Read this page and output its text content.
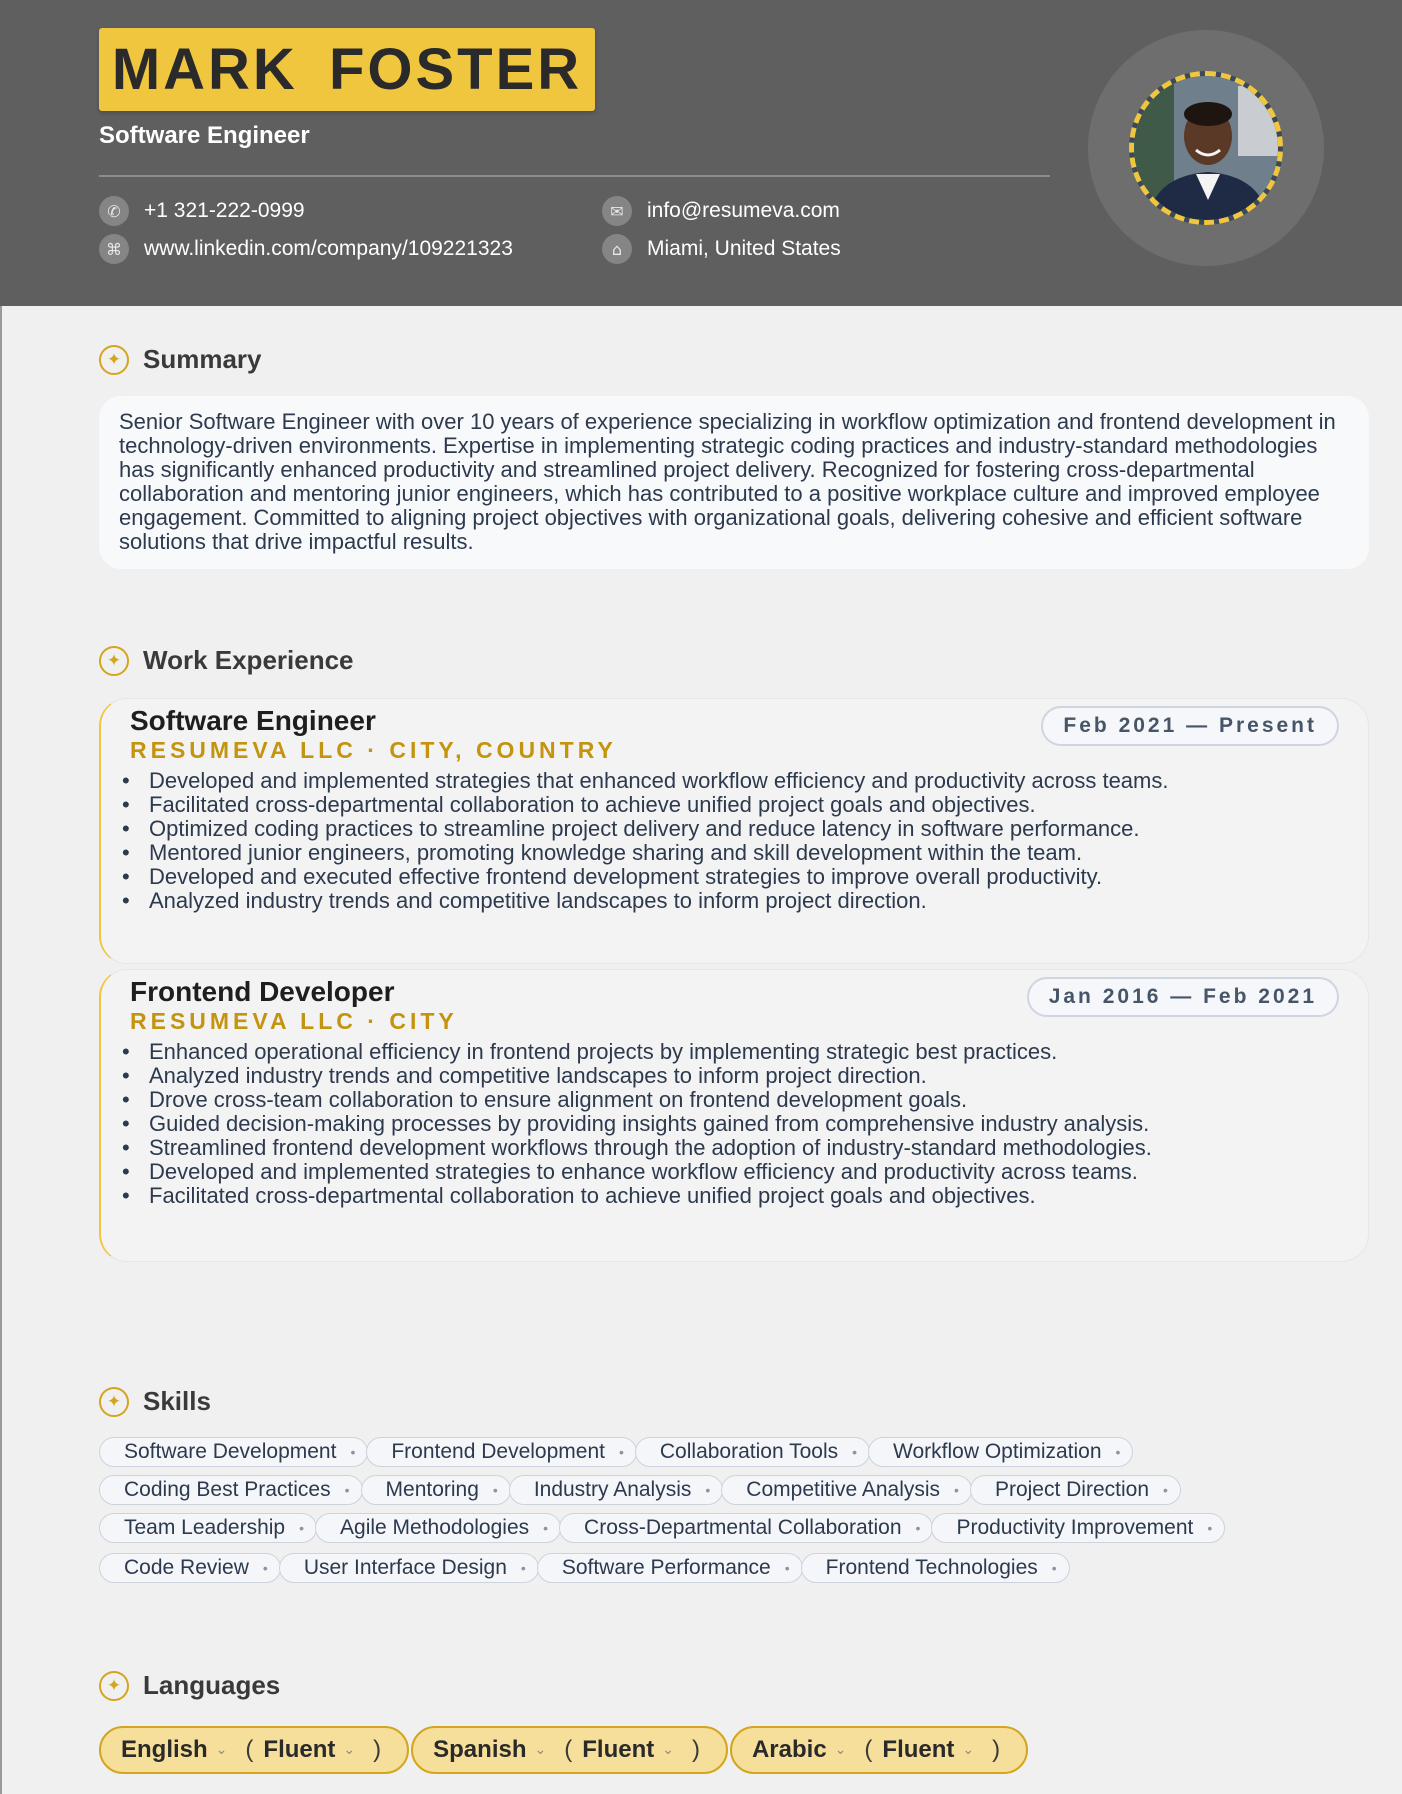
MARK FOSTER
Software Engineer
✆	+1 321-222-0999	✉	info@resumeva.com
⌘	www.linkedin.com/company/109221323	⌂	Miami, United States
✦ Summary

Senior Software Engineer with over 10 years of experience specializing in workflow optimization and frontend development in technology-driven environments. Expertise in implementing strategic coding practices and industry-standard methodologies has significantly enhanced productivity and streamlined project delivery. Recognized for fostering cross-departmental collaboration and mentoring junior engineers, which has contributed to a positive workplace culture and improved employee engagement. Committed to aligning project objectives with organizational goals, delivering cohesive and efficient software solutions that drive impactful results.

✦ Work Experience
Software Engineer
RESUMEVA LLC · CITY, COUNTRY
Feb 2021 — Present
• Developed and implemented strategies that enhanced workflow efficiency and productivity across teams.
• Facilitated cross-departmental collaboration to achieve unified project goals and objectives.
• Optimized coding practices to streamline project delivery and reduce latency in software performance.
• Mentored junior engineers, promoting knowledge sharing and skill development within the team.
• Developed and executed effective frontend development strategies to improve overall productivity.
• Analyzed industry trends and competitive landscapes to inform project direction.
Frontend Developer
RESUMEVA LLC · CITY
Jan 2016 — Feb 2021
• Enhanced operational efficiency in frontend projects by implementing strategic best practices.
• Analyzed industry trends and competitive landscapes to inform project direction.
• Drove cross-team collaboration to ensure alignment on frontend development goals.
• Guided decision-making processes by providing insights gained from comprehensive industry analysis.
• Streamlined frontend development workflows through the adoption of industry-standard methodologies.
• Developed and implemented strategies to enhance workflow efficiency and productivity across teams.
• Facilitated cross-departmental collaboration to achieve unified project goals and objectives.
✦ Skills
Software Development • Frontend Development • Collaboration Tools • Workflow Optimization •
Coding Best Practices • Mentoring • Industry Analysis • Competitive Analysis • Project Direction •
Team Leadership • Agile Methodologies • Cross-Departmental Collaboration • Productivity Improvement •
Code Review • User Interface Design • Software Performance • Frontend Technologies •
✦ Languages
English ⌄ ( Fluent ⌄ ) Spanish ⌄ ( Fluent ⌄ ) Arabic ⌄ ( Fluent ⌄ )
